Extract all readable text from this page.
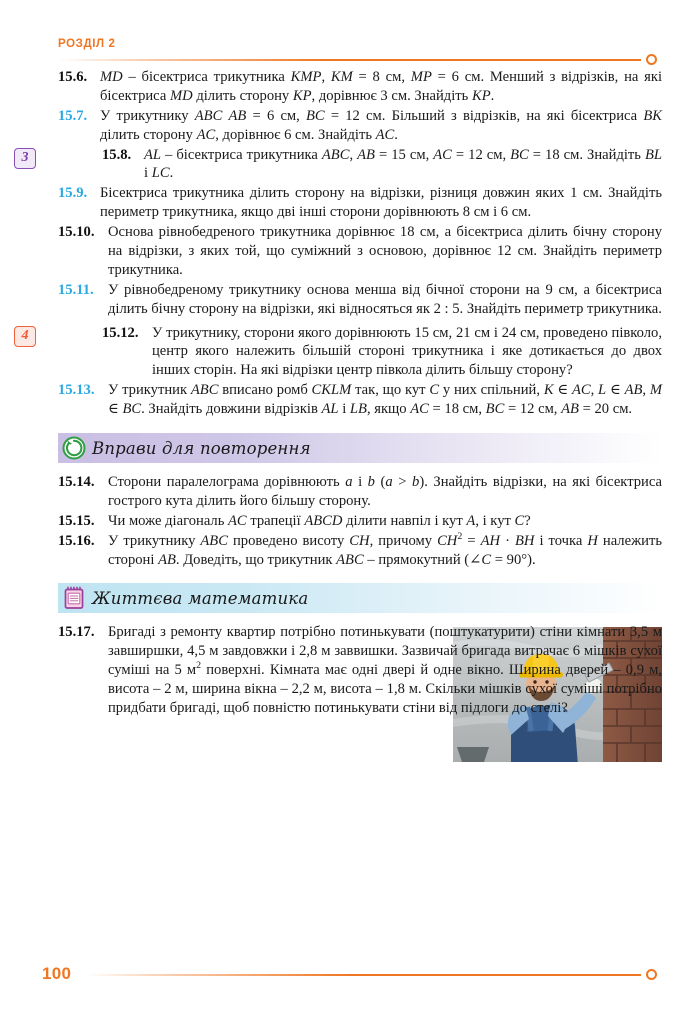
РОЗДІЛ 2
15.6. MD – бісектриса трикутника KMP, KM = 8 см, MP = 6 см. Менший з відрізків, на які бісектриса MD ділить сторону KP, дорівнює 3 см. Знайдіть KP.
15.7. У трикутнику ABC AB = 6 см, BC = 12 см. Більший з відрізків, на які бісектриса BK ділить сторону AC, дорівнює 6 см. Знайдіть AC.
3	15.8. AL – бісектриса трикутника ABC, AB = 15 см, AC = 12 см, BC = 18 см. Знайдіть BL і LC.
15.9. Бісектриса трикутника ділить сторону на відрізки, різниця довжин яких 1 см. Знайдіть периметр трикутника, якщо дві інші сторони дорівнюють 8 см і 6 см.
15.10. Основа рівнобедреного трикутника дорівнює 18 см, а бісектриса ділить бічну сторону на відрізки, з яких той, що суміжний з основою, дорівнює 12 см. Знайдіть периметр трикутника.
15.11. У рівнобедреному трикутнику основа менша від бічної сторони на 9 см, а бісектриса ділить бічну сторону на відрізки, які відносяться як 2 : 5. Знайдіть периметр трикутника.
4	15.12. У трикутнику, сторони якого дорівнюють 15 см, 21 см і 24 см, проведено півколо, центр якого належить більшій стороні трикутника і яке дотикається до двох інших сторін. На які відрізки центр півкола ділить більшу сторону?
15.13. У трикутник ABC вписано ромб CKLM так, що кут C у них спільний, K ∈ AC, L ∈ AB, M ∈ BC. Знайдіть довжини відрізків AL і LB, якщо AC = 18 см, BC = 12 см, AB = 20 см.
Вправи для повторення
15.14. Сторони паралелограма дорівнюють a і b (a > b). Знайдіть відрізки, на які бісектриса гострого кута ділить його більшу сторону.
15.15. Чи може діагональ AC трапеції ABCD ділити навпіл і кут A, і кут C?
15.16. У трикутнику ABC проведено висоту CH, причому $CH^2$ = AH · BH і точка H належить стороні AB. Доведіть, що трикутник ABC – прямокутний (∠C = 90°).
Життєва математика
15.17. Бригаді з ремонту квартир потрібно потинькувати (поштукатурити) стіни кімнати 3,5 м завширшки, 4,5 м завдовжки і 2,8 м заввишки. Зазвичай бригада витрачає 6 мішків сухої суміші на 5 $м^2$ поверхні. Кімната має одні двері й одне вікно. Ширина дверей – 0,9 м, висота – 2 м, ширина вікна – 2,2 м, висота – 1,8 м. Скільки мішків сухої суміші потрібно придбати бригаді, щоб повністю потинькувати стіни від підлоги до стелі?
100
